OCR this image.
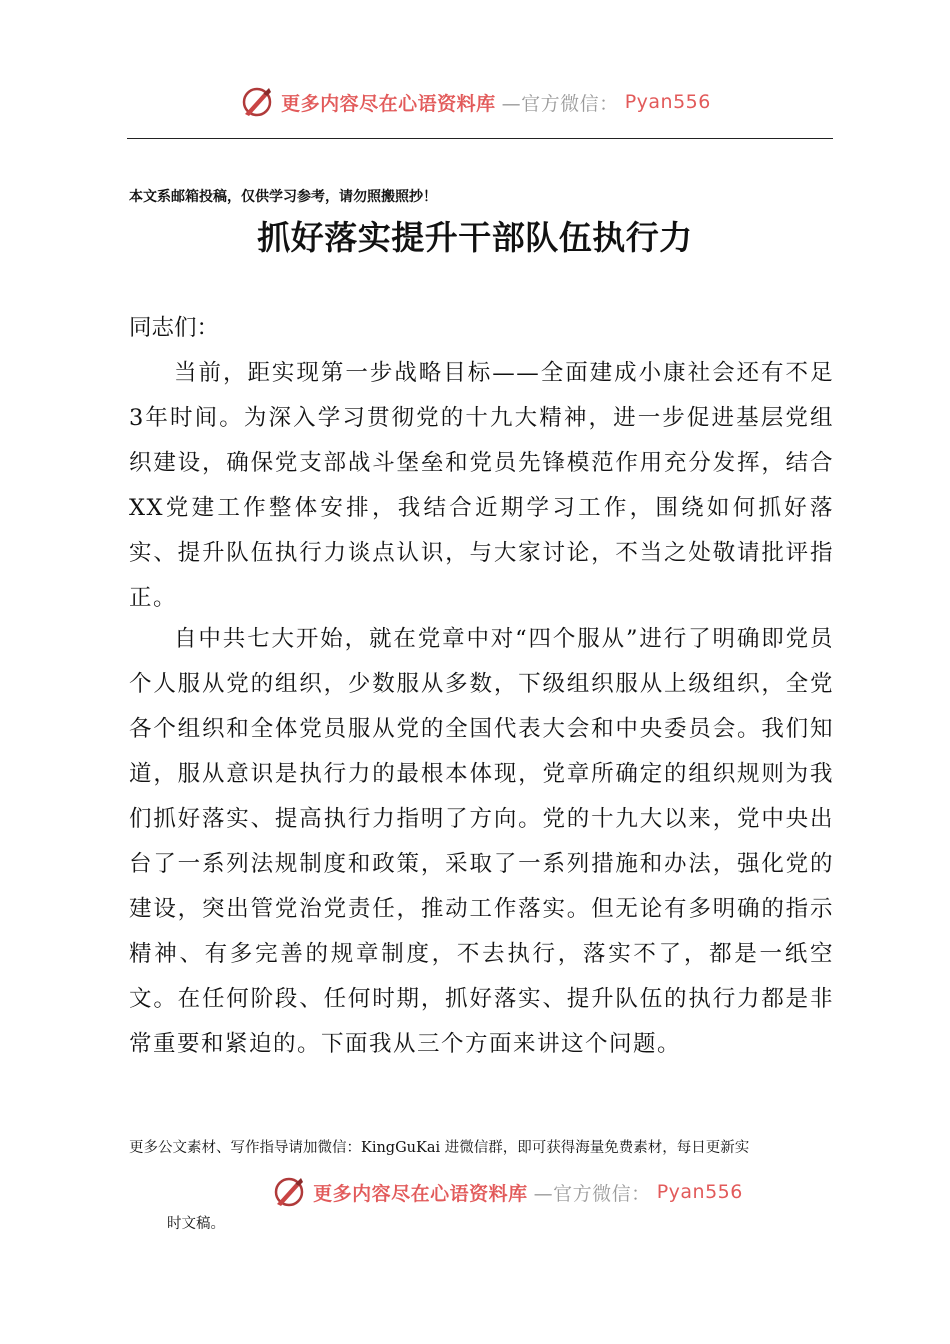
更多内容尽在心语资料库 —官方微信： Pyan556
本文系邮箱投稿，仅供学习参考，请勿照搬照抄！
抓好落实提升干部队伍执行力
同志们：

当前，距实现第一步战略目标——全面建成小康社会还有不足3年时间。为深入学习贯彻党的十九大精神，进一步促进基层党组织建设，确保党支部战斗堡垒和党员先锋模范作用充分发挥，结合XX党建工作整体安排，我结合近期学习工作，围绕如何抓好落实、提升队伍执行力谈点认识，与大家讨论，不当之处敬请批评指正。

自中共七大开始，就在党章中对“四个服从”进行了明确即党员个人服从党的组织，少数服从多数，下级组织服从上级组织，全党各个组织和全体党员服从党的全国代表大会和中央委员会。我们知道，服从意识是执行力的最根本体现，党章所确定的组织规则为我们抓好落实、提高执行力指明了方向。党的十九大以来，党中央出台了一系列法规制度和政策，采取了一系列措施和办法，强化党的建设，突出管党治党责任，推动工作落实。但无论有多明确的指示精神、有多完善的规章制度，不去执行，落实不了，都是一纸空文。在任何阶段、任何时期，抓好落实、提升队伍的执行力都是非常重要和紧迫的。下面我从三个方面来讲这个问题。

更多公文素材、写作指导请加微信：KingGuKai 进微信群，即可获得海量免费素材，每日更新实
更多内容尽在心语资料库 —官方微信： Pyan556
时文稿。
